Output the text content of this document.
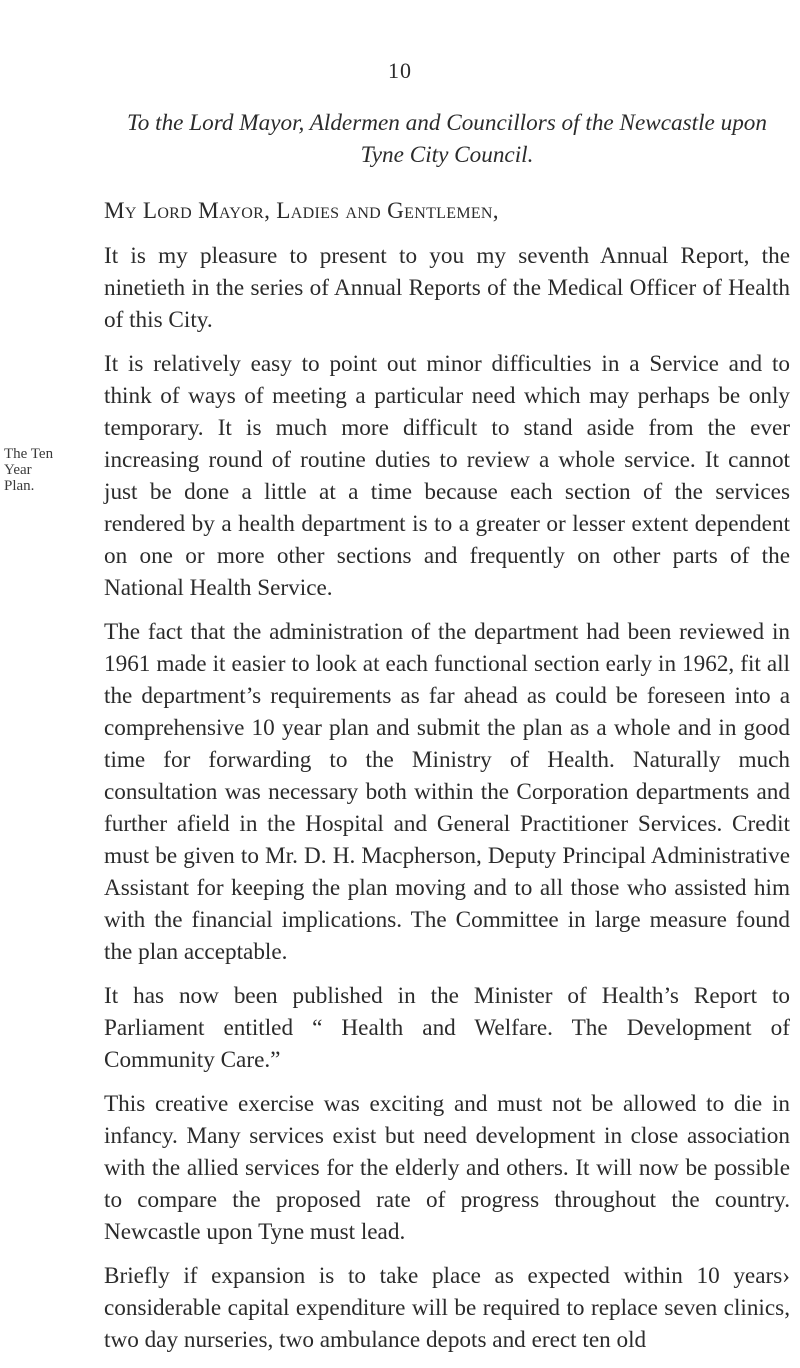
10
The Ten Year Plan.
To the Lord Mayor, Aldermen and Councillors of the Newcastle upon
Tyne City Council.
My Lord Mayor, Ladies and Gentlemen,

It is my pleasure to present to you my seventh Annual Report, the ninetieth in the series of Annual Reports of the Medical Officer of Health of this City.

It is relatively easy to point out minor difficulties in a Service and to think of ways of meeting a particular need which may perhaps be only temporary. It is much more difficult to stand aside from the ever increasing round of routine duties to review a whole service. It cannot just be done a little at a time because each section of the services rendered by a health department is to a greater or lesser extent dependent on one or more other sections and frequently on other parts of the National Health Service.

The fact that the administration of the department had been reviewed in 1961 made it easier to look at each functional section early in 1962, fit all the department’s requirements as far ahead as could be foreseen into a comprehensive 10 year plan and submit the plan as a whole and in good time for forwarding to the Ministry of Health. Naturally much consultation was necessary both within the Corporation departments and further afield in the Hospital and General Practitioner Services. Credit must be given to Mr. D. H. Macpherson, Deputy Principal Administrative Assistant for keeping the plan moving and to all those who assisted him with the financial implications. The Committee in large measure found the plan acceptable.

It has now been published in the Minister of Health’s Report to Parliament entitled “ Health and Welfare. The Development of Community Care.”

This creative exercise was exciting and must not be allowed to die in infancy. Many services exist but need development in close association with the allied services for the elderly and others. It will now be possible to compare the proposed rate of progress throughout the country. Newcastle upon Tyne must lead.

Briefly if expansion is to take place as expected within 10 years› considerable capital expenditure will be required to replace seven clinics, two day nurseries, two ambulance depots and erect ten old
